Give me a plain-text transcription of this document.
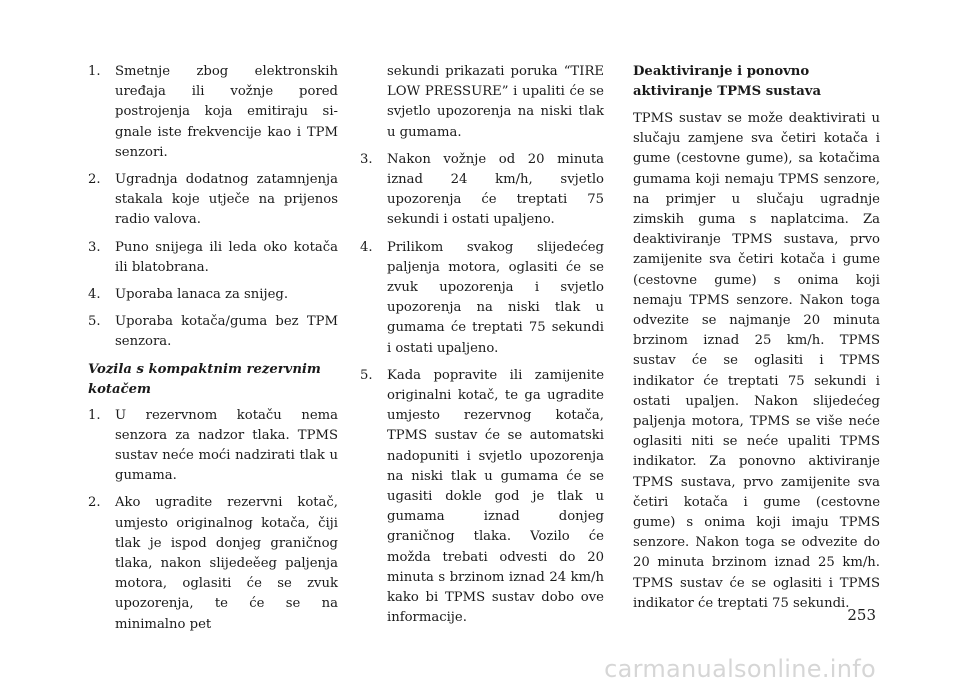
1. Smetnje zbog elektronskih uređaja ili vožnje pored postrojenja koja emitiraju signale iste frekvencije kao i TPM senzori.
2. Ugradnja dodatnog zatamnjenja stakala koje utječe na prijenos radio valova.
3. Puno snijega ili leda oko kotača ili blatobrana.
4. Uporaba lanaca za snijeg.
5. Uporaba kotača/guma bez TPM senzora.
Vozila s kompaktnim rezervnim kotačem
1. U rezervnom kotaču nema senzora za nadzor tlaka. TPMS sustav neće moći nadzirati tlak u gumama.
2. Ako ugradite rezervni kotač, umjesto originalnog kotača, čiji tlak je ispod donjeg graničnog tlaka, nakon slijedeěeg paljenja motora, oglasiti će se zvuk upozorenja, te će se na minimalno pet
sekundi prikazati poruka “TIRE LOW PRESSURE” i upaliti će se svjetlo upozorenja na niski tlak u gumama.
3. Nakon vožnje od 20 minuta iznad 24 km/h, svjetlo upozorenja će treptati 75 sekundi i ostati upaljeno.
4. Prilikom svakog slijedećeg paljenja motora, oglasiti će se zvuk upozorenja i svjetlo upozorenja na niski tlak u gumama će treptati 75 sekundi i ostati upaljeno.
5. Kada popravite ili zamijenite originalni kotač, te ga ugradite umjesto rezervnog kotača, TPMS sustav će se automatski nadopuniti i svjetlo upozorenja na niski tlak u gumama će se ugasiti dokle god je tlak u gumama iznad donjeg graničnog tlaka. Vozilo će možda trebati odvesti do 20 minuta s brzinom iznad 24 km/h kako bi TPMS sustav dobo ove informacije.
Deaktiviranje i ponovno aktiviranje TPMS sustava

TPMS sustav se može deaktivirati u slučaju zamjene sva četiri kotača i gume (cestovne gume), sa kotačima gumama koji nemaju TPMS senzore, na primjer u slučaju ugradnje zimskih guma s naplatcima. Za deaktiviranje TPMS sustava, prvo zamijenite sva četiri kotača i gume (cestovne gume) s onima koji nemaju TPMS senzore. Nakon toga odvezite se najmanje 20 minuta brzinom iznad 25 km/h. TPMS sustav će se oglasiti i TPMS indikator će treptati 75 sekundi i ostati upaljen. Nakon slijedećeg paljenja motora, TPMS se više neće oglasiti niti se neće upaliti TPMS indikator. Za ponovno aktiviranje TPMS sustava, prvo zamijenite sva četiri kotača i gume (cestovne gume) s onima koji imaju TPMS senzore. Nakon toga se odvezite do 20 minuta brzinom iznad 25 km/h. TPMS sustav će se oglasiti i TPMS indikator će treptati 75 sekundi.

253
carmanualsonline.info
